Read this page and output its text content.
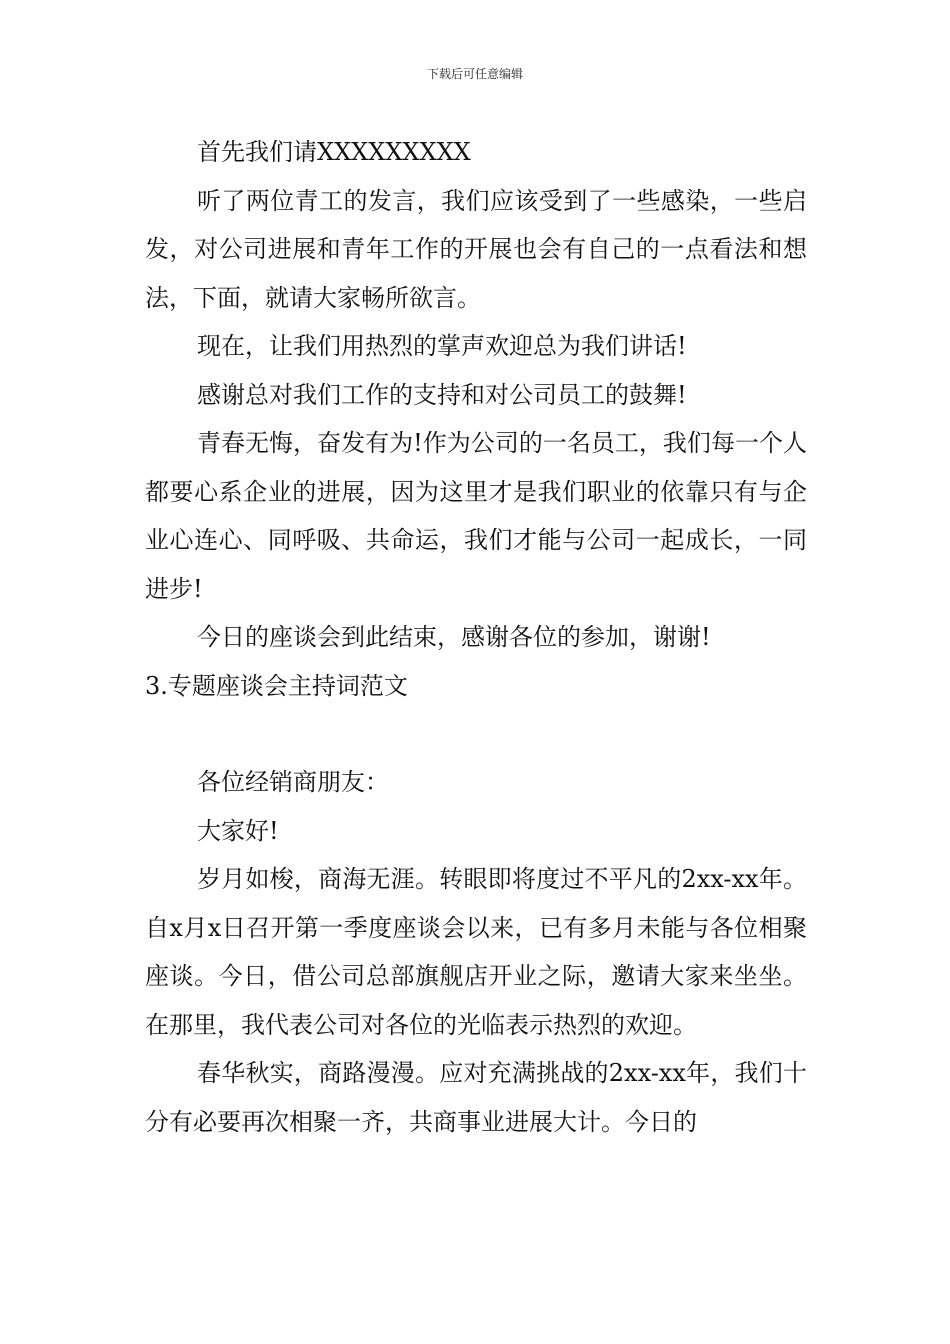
下载后可任意编辑

首先我们请XXXXXXXXX

听了两位青工的发言，我们应该受到了一些感染，一些启发，对公司进展和青年工作的开展也会有自己的一点看法和想法，下面，就请大家畅所欲言。

现在，让我们用热烈的掌声欢迎总为我们讲话!

感谢总对我们工作的支持和对公司员工的鼓舞!

青春无悔，奋发有为!作为公司的一名员工，我们每一个人都要心系企业的进展，因为这里才是我们职业的依靠只有与企业心连心、同呼吸、共命运，我们才能与公司一起成长，一同进步!

今日的座谈会到此结束，感谢各位的参加，谢谢!

3.专题座谈会主持词范文

各位经销商朋友：

大家好!

岁月如梭，商海无涯。转眼即将度过不平凡的2xx-xx年。自x月x日召开第一季度座谈会以来，已有多月未能与各位相聚座谈。今日，借公司总部旗舰店开业之际，邀请大家来坐坐。在那里，我代表公司对各位的光临表示热烈的欢迎。

春华秋实，商路漫漫。应对充满挑战的2xx-xx年，我们十分有必要再次相聚一齐，共商事业进展大计。今日的
